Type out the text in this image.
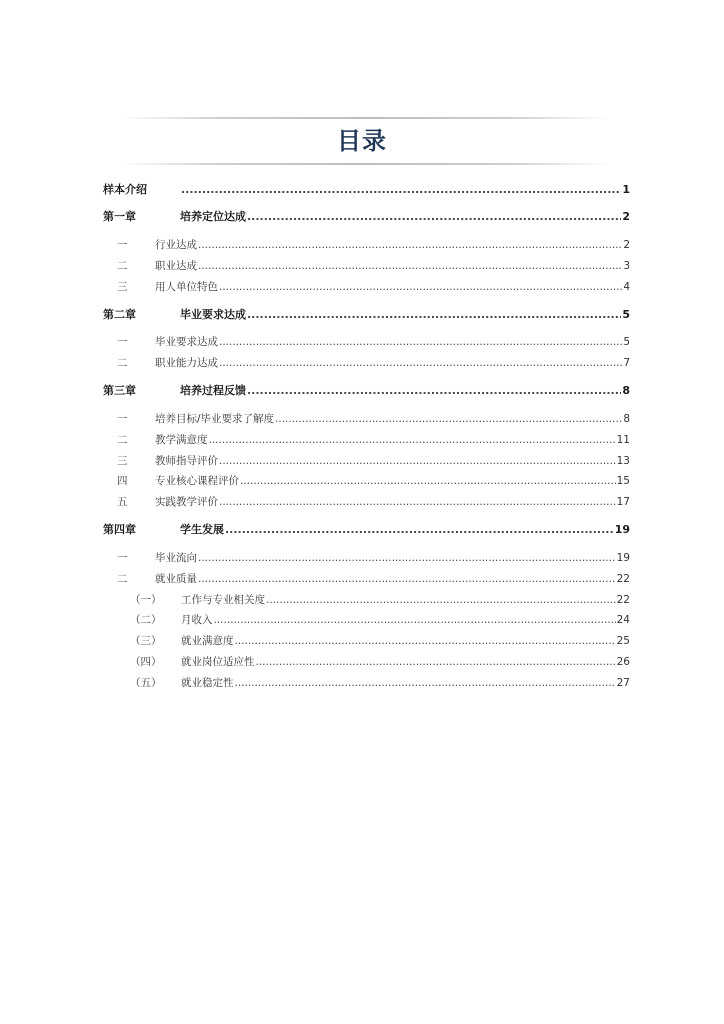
目录
样本介绍 .....	1
第一章	培养定位达成 .....	2
一	行业达成 .....	2
二	职业达成 .....	3
三	用人单位特色 .....	4
第二章	毕业要求达成 .....	5
一	毕业要求达成 .....	5
二	职业能力达成 .....	7
第三章	培养过程反馈 .....	8
一	培养目标/毕业要求了解度 .....	8
二	教学满意度 .....	11
三	教师指导评价 .....	13
四	专业核心课程评价 .....	15
五	实践教学评价 .....	17
第四章	学生发展 .....	19
一	毕业流向 .....	19
二	就业质量 .....	22
（一）	工作与专业相关度 .....	22
（二）	月收入 .....	24
（三）	就业满意度 .....	25
（四）	就业岗位适应性 .....	26
（五）	就业稳定性 .....	27
